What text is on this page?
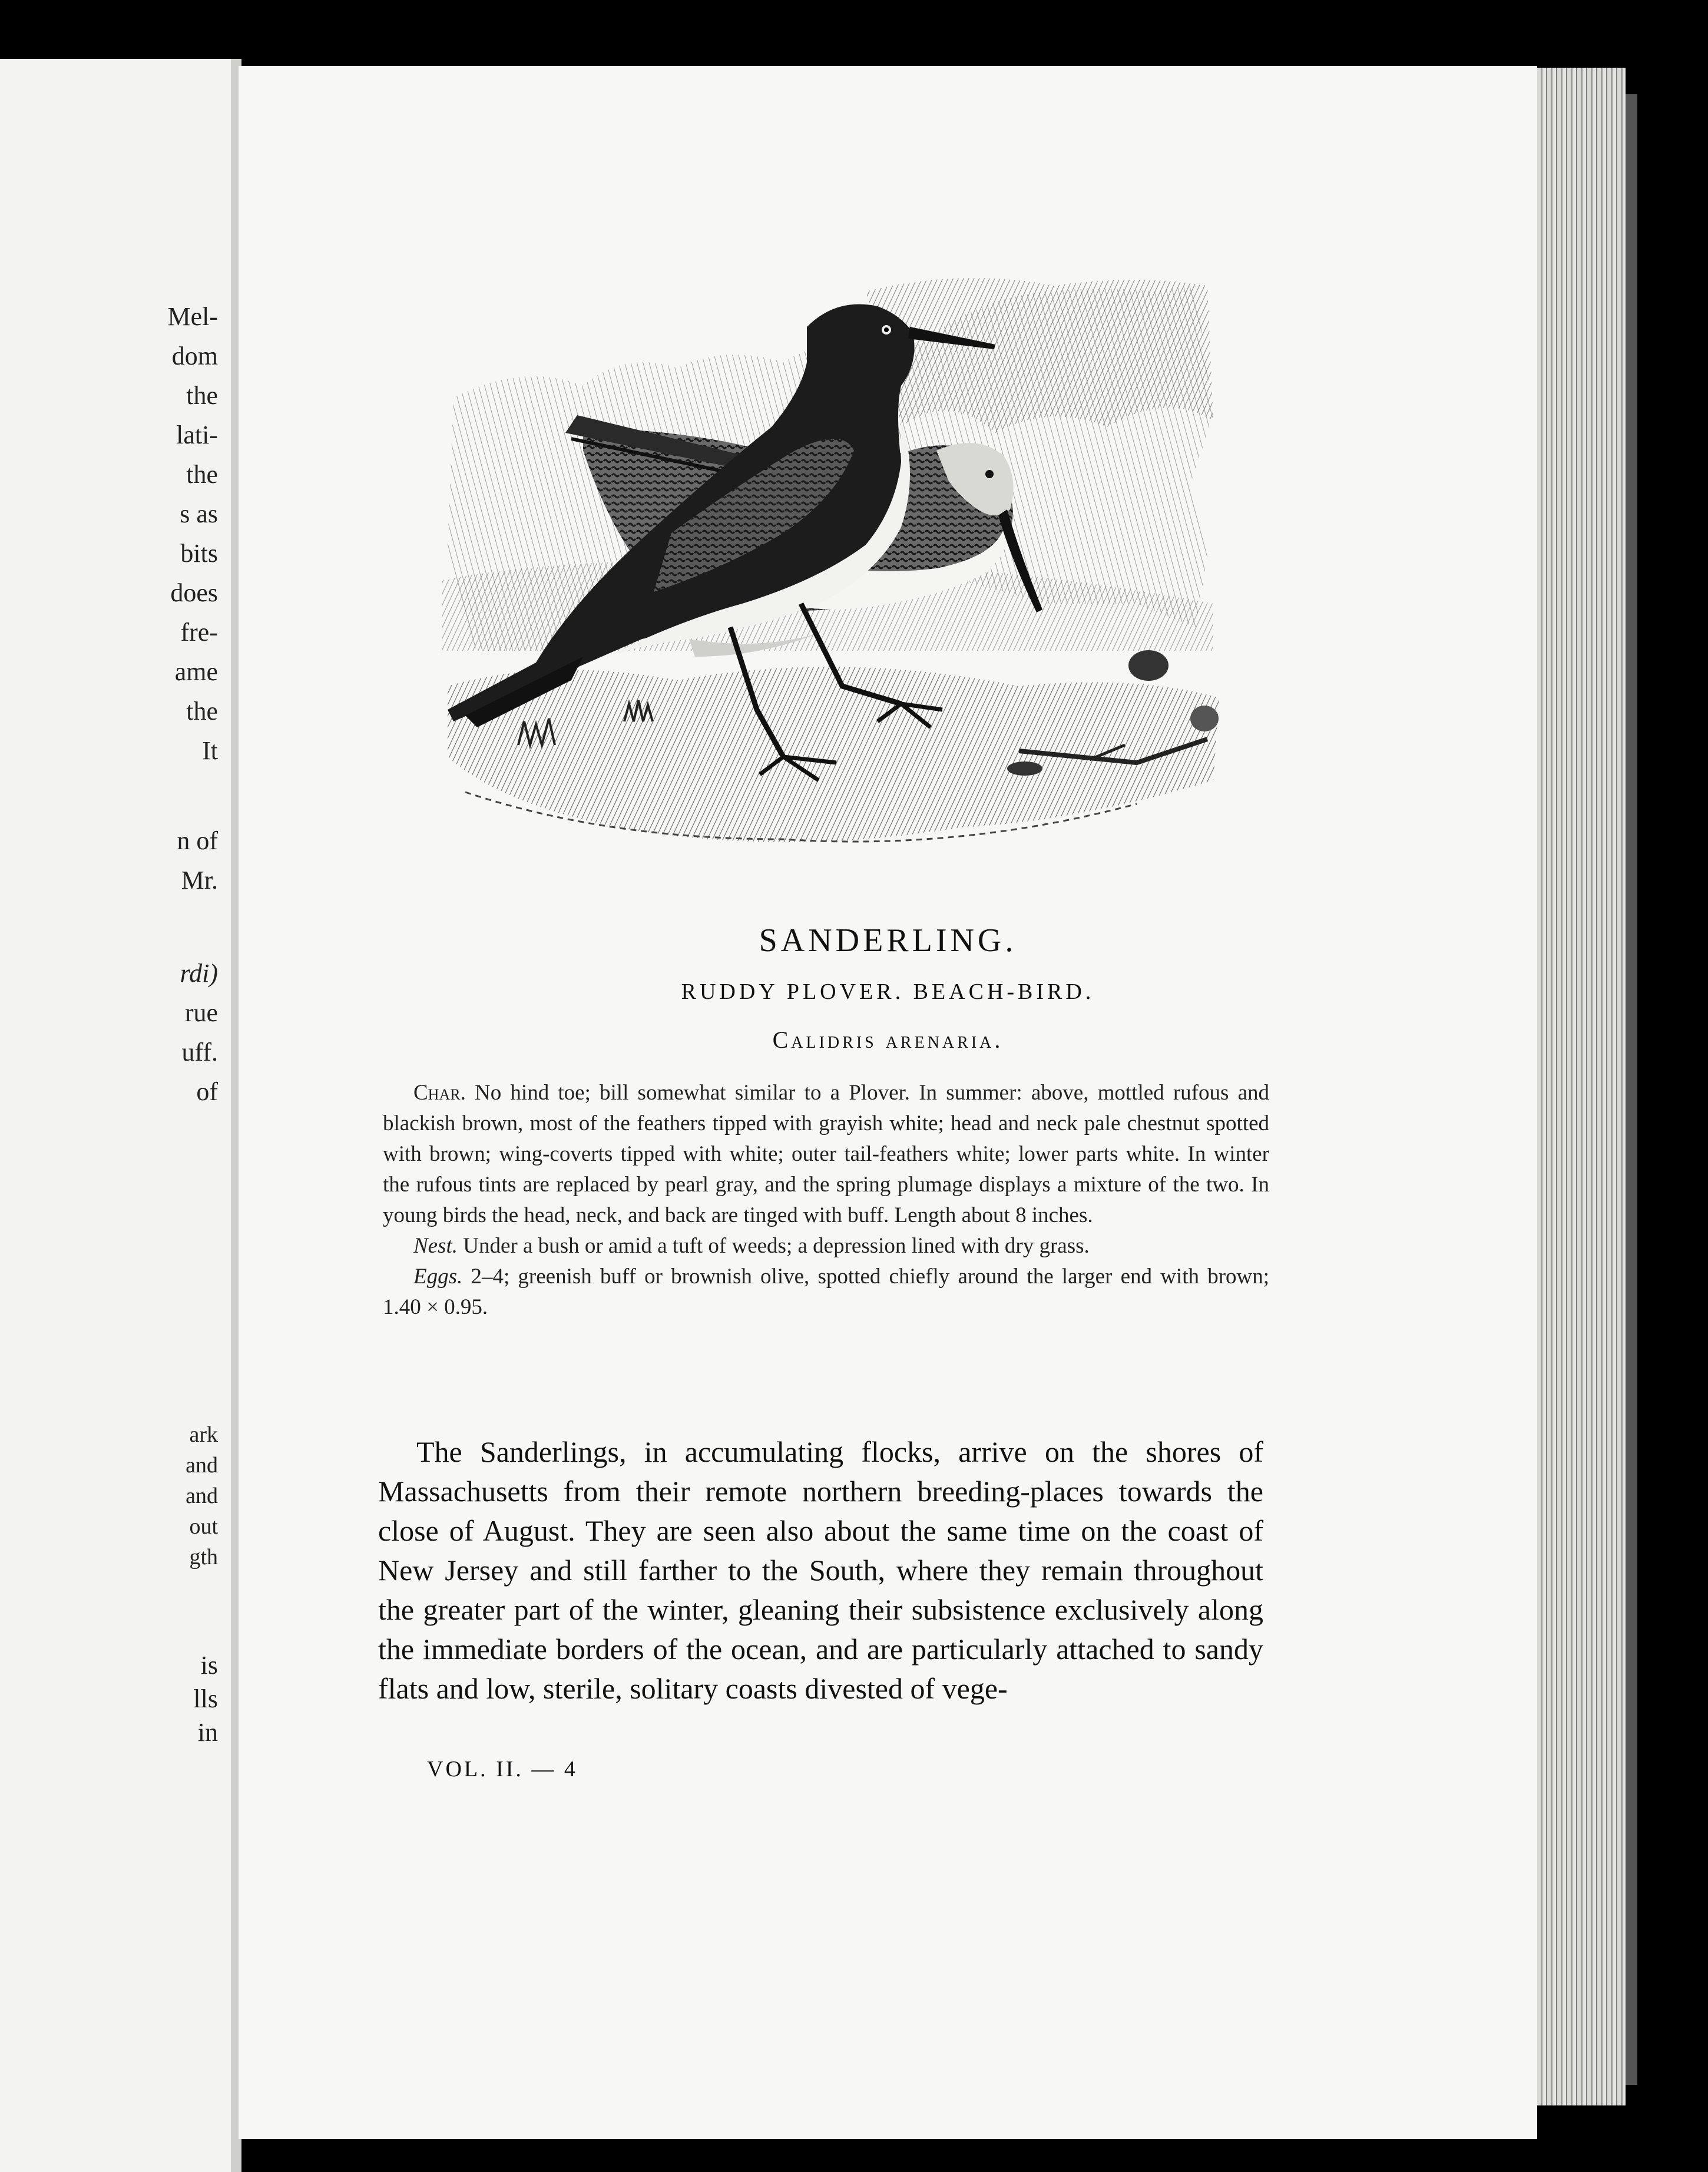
Mel-
dom
the
lati-
the
s as
bits
does
fre-
ame
the
It
n of
Mr.
rdi)
rue
uff.
of
ark
and
and
out
gth
is
lls
in
SANDERLING.
RUDDY PLOVER. BEACH-BIRD.
Calidris arenaria.

Char. No hind toe; bill somewhat similar to a Plover. In summer: above, mottled rufous and blackish brown, most of the feathers tipped with grayish white; head and neck pale chestnut spotted with brown; wing-coverts tipped with white; outer tail-feathers white; lower parts white. In winter the rufous tints are replaced by pearl gray, and the spring plumage displays a mixture of the two. In young birds the head, neck, and back are tinged with buff. Length about 8 inches.

Nest. Under a bush or amid a tuft of weeds; a depression lined with dry grass.

Eggs. 2–4; greenish buff or brownish olive, spotted chiefly around the larger end with brown; 1.40 × 0.95.

The Sanderlings, in accumulating flocks, arrive on the shores of Massachusetts from their remote northern breeding-places towards the close of August. They are seen also about the same time on the coast of New Jersey and still farther to the South, where they remain throughout the greater part of the winter, gleaning their subsistence exclusively along the immediate borders of the ocean, and are particularly attached to sandy flats and low, sterile, solitary coasts divested of vege-

VOL. II. — 4
